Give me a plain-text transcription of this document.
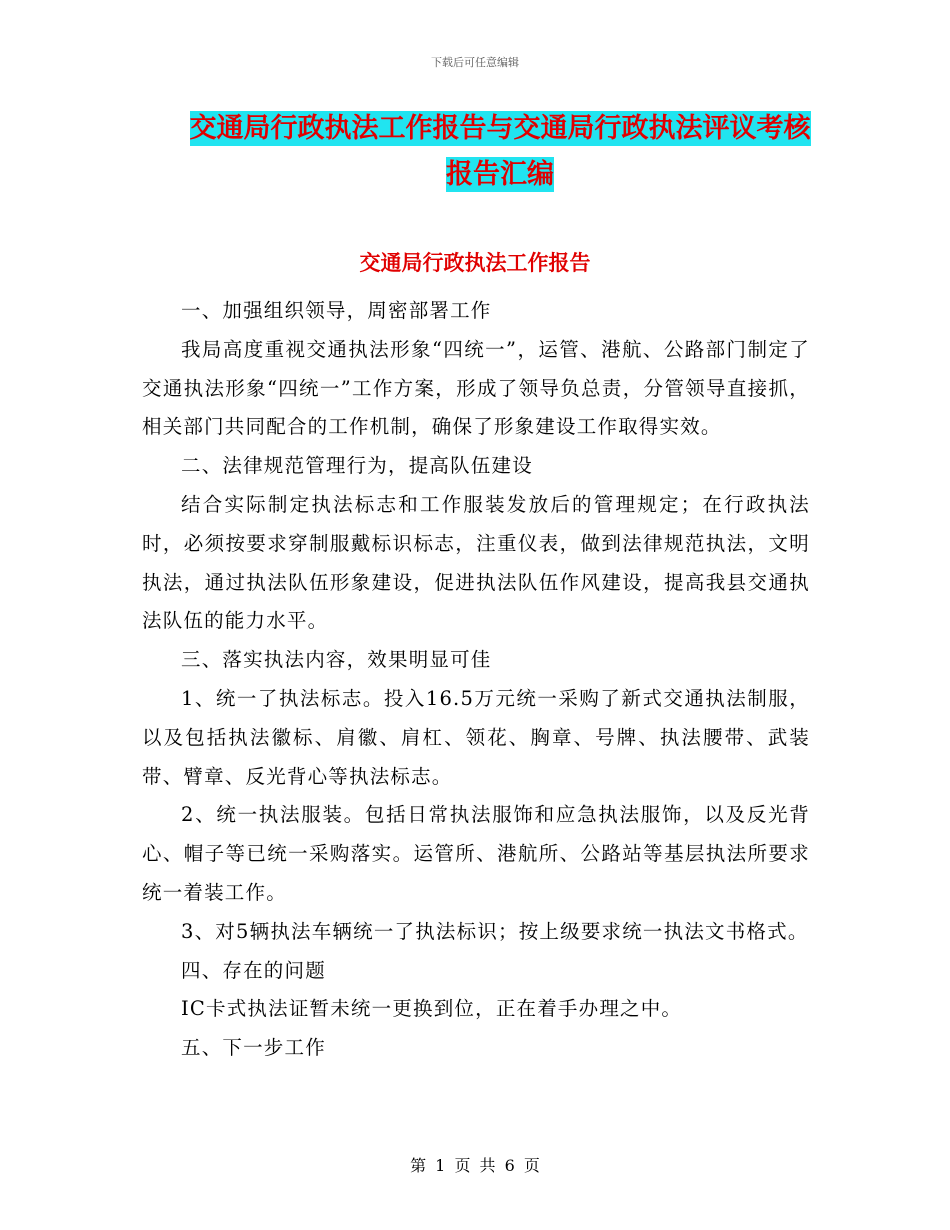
下载后可任意编辑
交通局行政执法工作报告与交通局行政执法评议考核
报告汇编
交通局行政执法工作报告

一、加强组织领导，周密部署工作

我局高度重视交通执法形象“四统一”，运管、港航、公路部门制定了交通执法形象“四统一”工作方案，形成了领导负总责，分管领导直接抓，相关部门共同配合的工作机制，确保了形象建设工作取得实效。

二、法律规范管理行为，提高队伍建设

结合实际制定执法标志和工作服装发放后的管理规定；在行政执法时，必须按要求穿制服戴标识标志，注重仪表，做到法律规范执法，文明执法，通过执法队伍形象建设，促进执法队伍作风建设，提高我县交通执法队伍的能力水平。

三、落实执法内容，效果明显可佳

1、统一了执法标志。投入16.5万元统一采购了新式交通执法制服，以及包括执法徽标、肩徽、肩杠、领花、胸章、号牌、执法腰带、武装带、臂章、反光背心等执法标志。

2、统一执法服装。包括日常执法服饰和应急执法服饰，以及反光背心、帽子等已统一采购落实。运管所、港航所、公路站等基层执法所要求统一着装工作。

3、对5辆执法车辆统一了执法标识；按上级要求统一执法文书格式。

四、存在的问题

IC卡式执法证暂未统一更换到位，正在着手办理之中。

五、下一步工作

第 1 页 共 6 页
